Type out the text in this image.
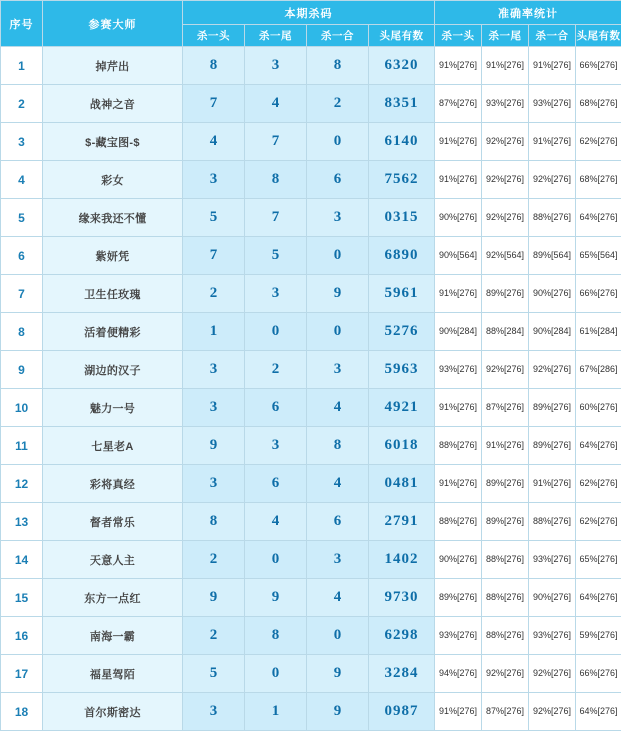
序号	参赛大师	本期杀码				准确率统计			
		杀一头	杀一尾	杀一合	头尾有数	杀一头	杀一尾	杀一合	头尾有数
1	掉芹出	8	3	8	6320	91%[276]	91%[276]	91%[276]	66%[276]
2	战神之音	7	4	2	8351	87%[276]	93%[276]	93%[276]	68%[276]
3	$-藏宝图-$	4	7	0	6140	91%[276]	92%[276]	91%[276]	62%[276]
4	彩女	3	8	6	7562	91%[276]	92%[276]	92%[276]	68%[276]
5	缘来我还不懂	5	7	3	0315	90%[276]	92%[276]	88%[276]	64%[276]
6	紫妍凭	7	5	0	6890	90%[564]	92%[564]	89%[564]	65%[564]
7	卫生任玫瑰	2	3	9	5961	91%[276]	89%[276]	90%[276]	66%[276]
8	活着便精彩	1	0	0	5276	90%[284]	88%[284]	90%[284]	61%[284]
9	湖边的汉子	3	2	3	5963	93%[276]	92%[276]	92%[276]	67%[286]
10	魅力一号	3	6	4	4921	91%[276]	87%[276]	89%[276]	60%[276]
11	七星老A	9	3	8	6018	88%[276]	91%[276]	89%[276]	64%[276]
12	彩将真经	3	6	4	0481	91%[276]	89%[276]	91%[276]	62%[276]
13	督者常乐	8	4	6	2791	88%[276]	89%[276]	88%[276]	62%[276]
14	天意人主	2	0	3	1402	90%[276]	88%[276]	93%[276]	65%[276]
15	东方一点红	9	9	4	9730	89%[276]	88%[276]	90%[276]	64%[276]
16	南海一霸	2	8	0	6298	93%[276]	88%[276]	93%[276]	59%[276]
17	福星驾陌	5	0	9	3284	94%[276]	92%[276]	92%[276]	66%[276]
18	首尔斯密达	3	1	9	0987	91%[276]	87%[276]	92%[276]	64%[276]
